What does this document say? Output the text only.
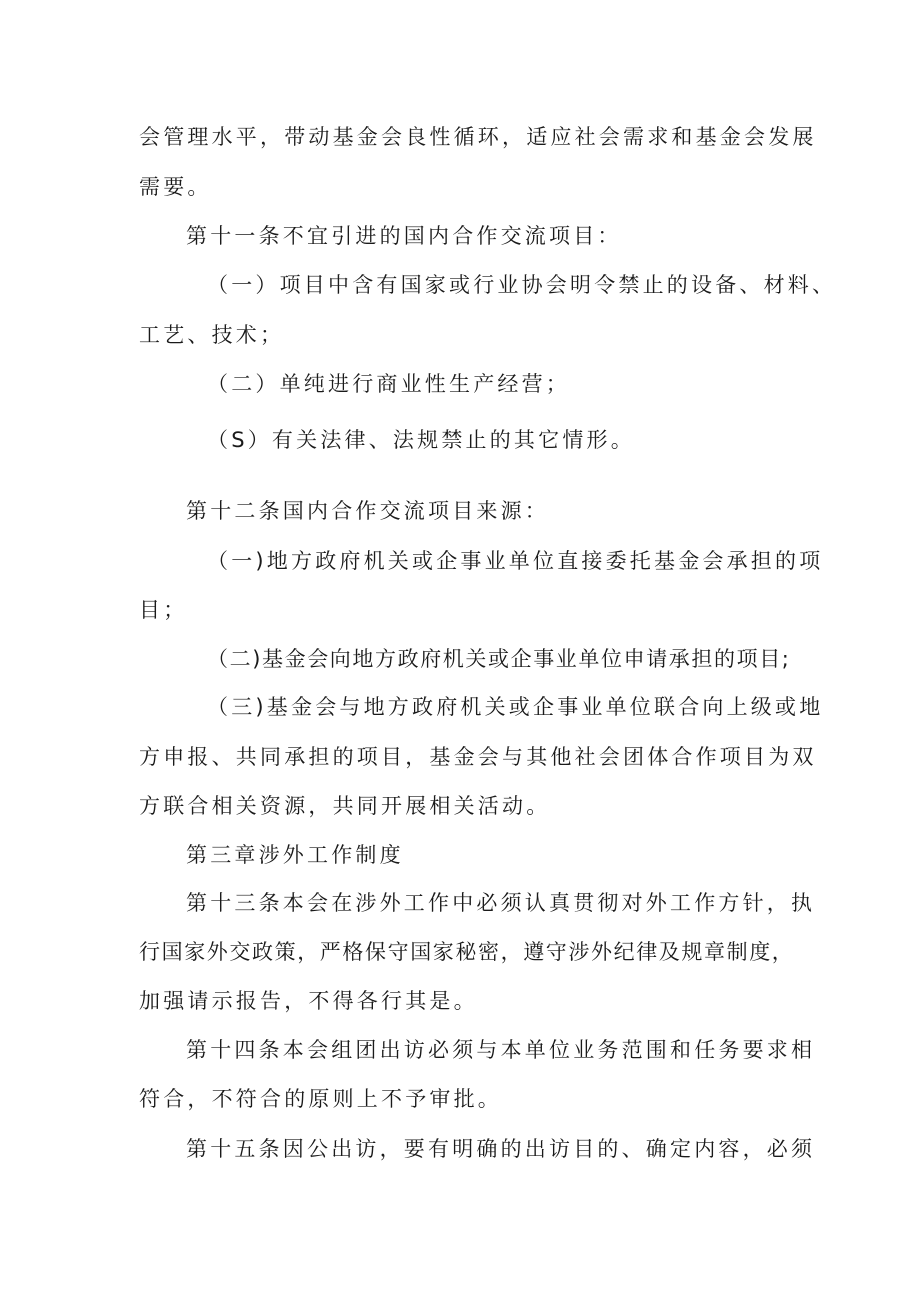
会管理水平，带动基金会良性循环，适应社会需求和基金会发展

需要。

第十一条不宜引进的国内合作交流项目：

（一）项目中含有国家或行业协会明令禁止的设备、材料、

工艺、技术；

（二）单纯进行商业性生产经营；

（S）有关法律、法规禁止的其它情形。

第十二条国内合作交流项目来源：

（一)地方政府机关或企事业单位直接委托基金会承担的项

目；

（二)基金会向地方政府机关或企事业单位申请承担的项目;

（三)基金会与地方政府机关或企事业单位联合向上级或地

方申报、共同承担的项目，基金会与其他社会团体合作项目为双

方联合相关资源，共同开展相关活动。

第三章涉外工作制度

第十三条本会在涉外工作中必须认真贯彻对外工作方针，执

行国家外交政策，严格保守国家秘密，遵守涉外纪律及规章制度，

加强请示报告，不得各行其是。

第十四条本会组团出访必须与本单位业务范围和任务要求相

符合，不符合的原则上不予审批。

第十五条因公出访，要有明确的出访目的、确定内容，必须
